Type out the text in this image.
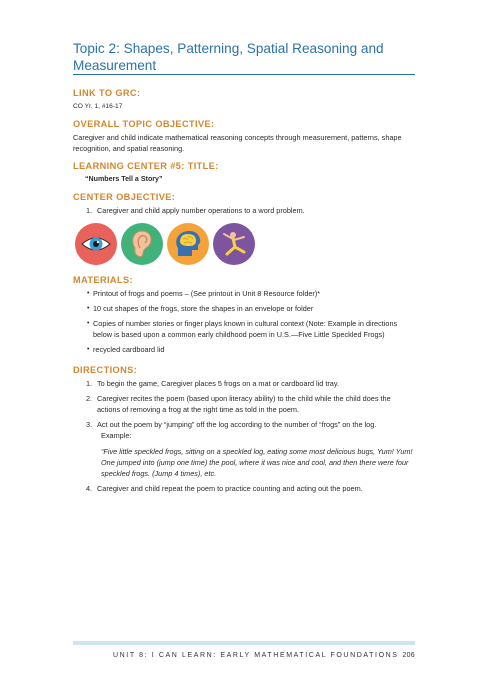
Topic 2: Shapes, Patterning, Spatial Reasoning and Measurement
LINK TO GRC:

CO Yr. 1, #16-17

OVERALL TOPIC OBJECTIVE:

Caregiver and child indicate mathematical reasoning concepts through measurement, patterns, shape recognition, and spatial reasoning.

LEARNING CENTER #5: TITLE:

“Numbers Tell a Story”

CENTER OBJECTIVE:
1. Caregiver and child apply number operations to a word problem.
MATERIALS:
• Printout of frogs and poems – (See printout in Unit 8 Resource folder)*
• 10 cut shapes of the frogs, store the shapes in an envelope or folder
• Copies of number stories or finger plays known in cultural context (Note: Example in directions below is based upon a common early childhood poem in U.S.—Five Little Speckled Frogs)
• recycled cardboard lid
DIRECTIONS:
1. To begin the game, Caregiver places 5 frogs on a mat or cardboard lid tray.
2. Caregiver recites the poem (based upon literacy ability) to the child while the child does the actions of removing a frog at the right time as told in the poem.
3. Act out the poem by “jumping” off the log according to the number of “frogs” on the log.
Example:
“Five little speckled frogs, sitting on a speckled log, eating some most delicious bugs, Yum! Yum! One jumped into (jump one time) the pool, where it was nice and cool, and then there were four speckled frogs. (Jump 4 times), etc.
4. Caregiver and child repeat the poem to practice counting and acting out the poem.
UNIT 8: I CAN LEARN: EARLY MATHEMATICAL FOUNDATIONS 206
